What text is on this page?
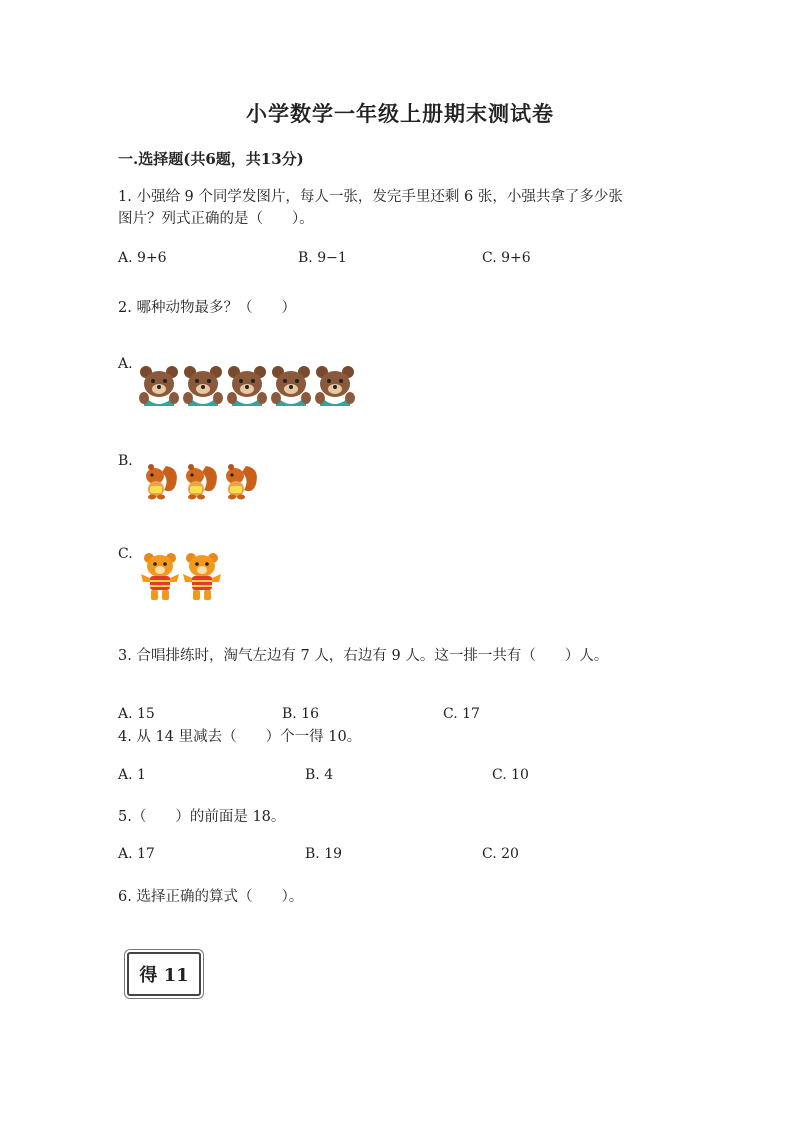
小学数学一年级上册期末测试卷
一.选择题(共6题，共13分)
1. 小强给 9 个同学发图片，每人一张，发完手里还剩 6 张，小强共拿了多少张
图片？列式正确的是（　　）。
A. 9+6	B. 9−1	C. 9+6
2. 哪种动物最多？（　　）
A.
B.
C.
3. 合唱排练时，淘气左边有 7 人，右边有 9 人。这一排一共有（　　）人。
A. 15	B. 16	C. 17
4. 从 14 里减去（　　）个一得 10。
A. 1	B. 4	C. 10
5.（　　）的前面是 18。
A. 17	B. 19	C. 20
6. 选择正确的算式（　　）。
得 11
